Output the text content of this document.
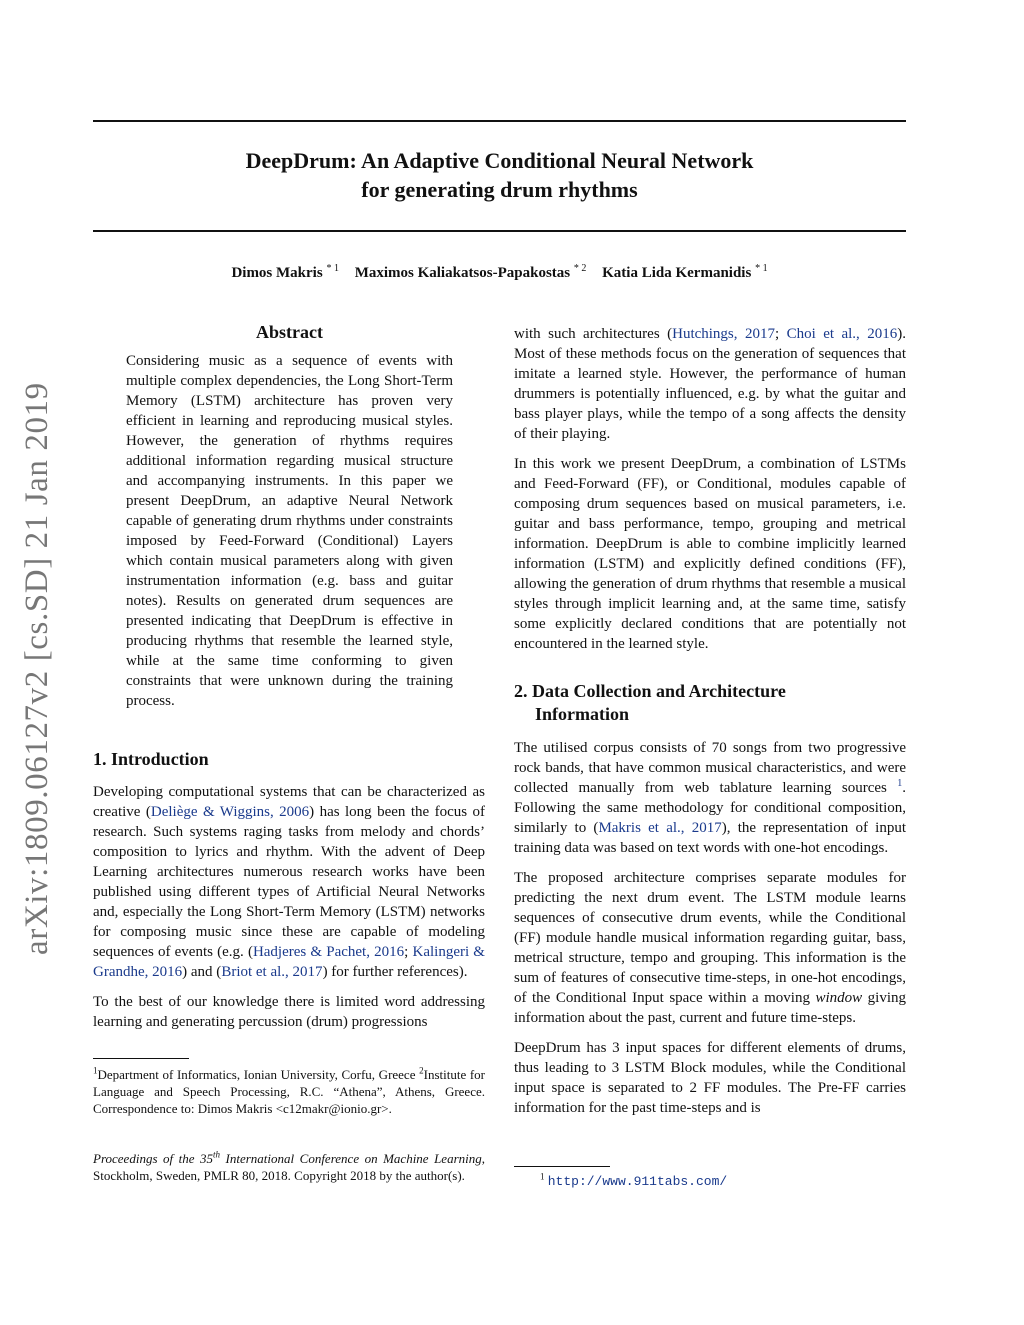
DeepDrum: An Adaptive Conditional Neural Network
for generating drum rhythms
Dimos Makris $^{* 1}$ Maximos Kaliakatsos-Papakostas $^{* 2}$ Katia Lida Kermanidis $^{* 1}$
arXiv:1809.06127v2 [cs.SD] 21 Jan 2019
Abstract

Considering music as a sequence of events with multiple complex dependencies, the Long Short-Term Memory (LSTM) architecture has proven very efficient in learning and reproducing musical styles. However, the generation of rhythms requires additional information regarding musical structure and accompanying instruments. In this paper we present DeepDrum, an adaptive Neural Network capable of generating drum rhythms under constraints imposed by Feed-Forward (Conditional) Layers which contain musical parameters along with given instrumentation information (e.g. bass and guitar notes). Results on generated drum sequences are presented indicating that DeepDrum is effective in producing rhythms that resemble the learned style, while at the same time conforming to given constraints that were unknown during the training process.

1. Introduction

Developing computational systems that can be characterized as creative (Deliège & Wiggins, 2006) has long been the focus of research. Such systems raging tasks from melody and chords’ composition to lyrics and rhythm. With the advent of Deep Learning architectures numerous research works have been published using different types of Artificial Neural Networks and, especially the Long Short-Term Memory (LSTM) networks for composing music since these are capable of modeling sequences of events (e.g. (Hadjeres & Pachet, 2016; Kalingeri & Grandhe, 2016) and (Briot et al., 2017) for further references).

To the best of our knowledge there is limited word addressing learning and generating percussion (drum) progressions

$^1$Department of Informatics, Ionian University, Corfu, Greece $^2$Institute for Language and Speech Processing, R.C. “Athena”, Athens, Greece. Correspondence to: Dimos Makris <c12makr@ionio.gr>.
Proceedings of the 35th International Conference on Machine Learning, Stockholm, Sweden, PMLR 80, 2018. Copyright 2018 by the author(s).

with such architectures (Hutchings, 2017; Choi et al., 2016). Most of these methods focus on the generation of sequences that imitate a learned style. However, the performance of human drummers is potentially influenced, e.g. by what the guitar and bass player plays, while the tempo of a song affects the density of their playing.

In this work we present DeepDrum, a combination of LSTMs and Feed-Forward (FF), or Conditional, modules capable of composing drum sequences based on musical parameters, i.e. guitar and bass performance, tempo, grouping and metrical information. DeepDrum is able to combine implicitly learned information (LSTM) and explicitly defined conditions (FF), allowing the generation of drum rhythms that resemble a musical styles through implicit learning and, at the same time, satisfy some explicitly declared conditions that are potentially not encountered in the learned style.

2. Data Collection and Architecture
Information

The utilised corpus consists of 70 songs from two progressive rock bands, that have common musical characteristics, and were collected manually from web tablature learning sources $^1$. Following the same methodology for conditional composition, similarly to (Makris et al., 2017), the representation of input training data was based on text words with one-hot encodings.

The proposed architecture comprises separate modules for predicting the next drum event. The LSTM module learns sequences of consecutive drum events, while the Conditional (FF) module handle musical information regarding guitar, bass, metrical structure, tempo and grouping. This information is the sum of features of consecutive time-steps, in one-hot encodings, of the Conditional Input space within a moving window giving information about the past, current and future time-steps.

DeepDrum has 3 input spaces for different elements of drums, thus leading to 3 LSTM Block modules, while the Conditional input space is separated to 2 FF modules. The Pre-FF carries information for the past time-steps and is

$^1$ http://www.911tabs.com/
